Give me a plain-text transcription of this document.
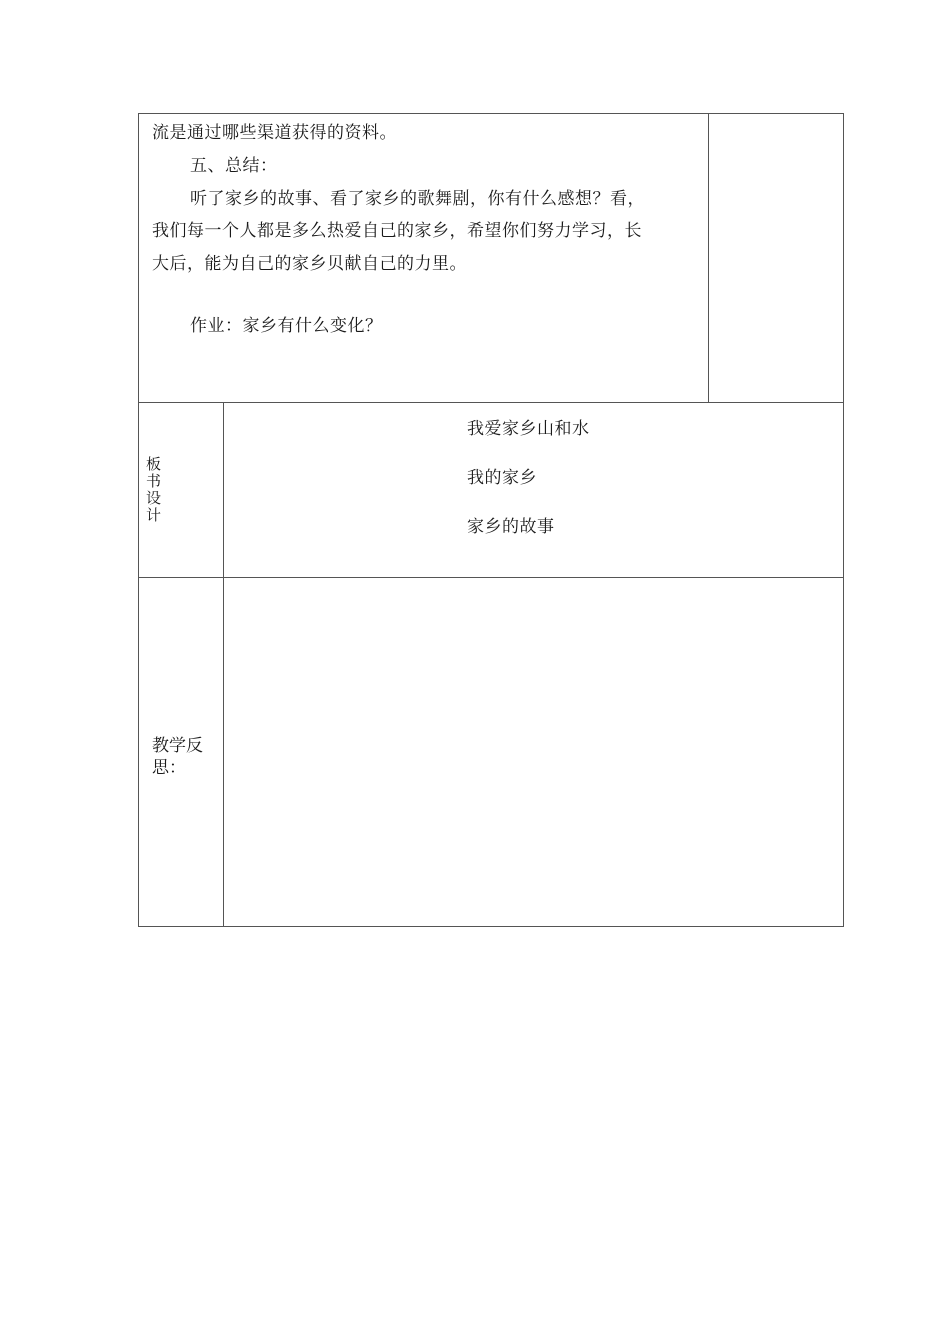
流是通过哪些渠道获得的资料。
五、总结：
听了家乡的故事、看了家乡的歌舞剧，你有什么感想？看，
我们每一个人都是多么热爱自己的家乡，希望你们努力学习，长
大后，能为自己的家乡贝献自己的力里。
作业：家乡有什么变化？
板书设计
我爱家乡山和水
我的家乡
家乡的故事
教学反思：
